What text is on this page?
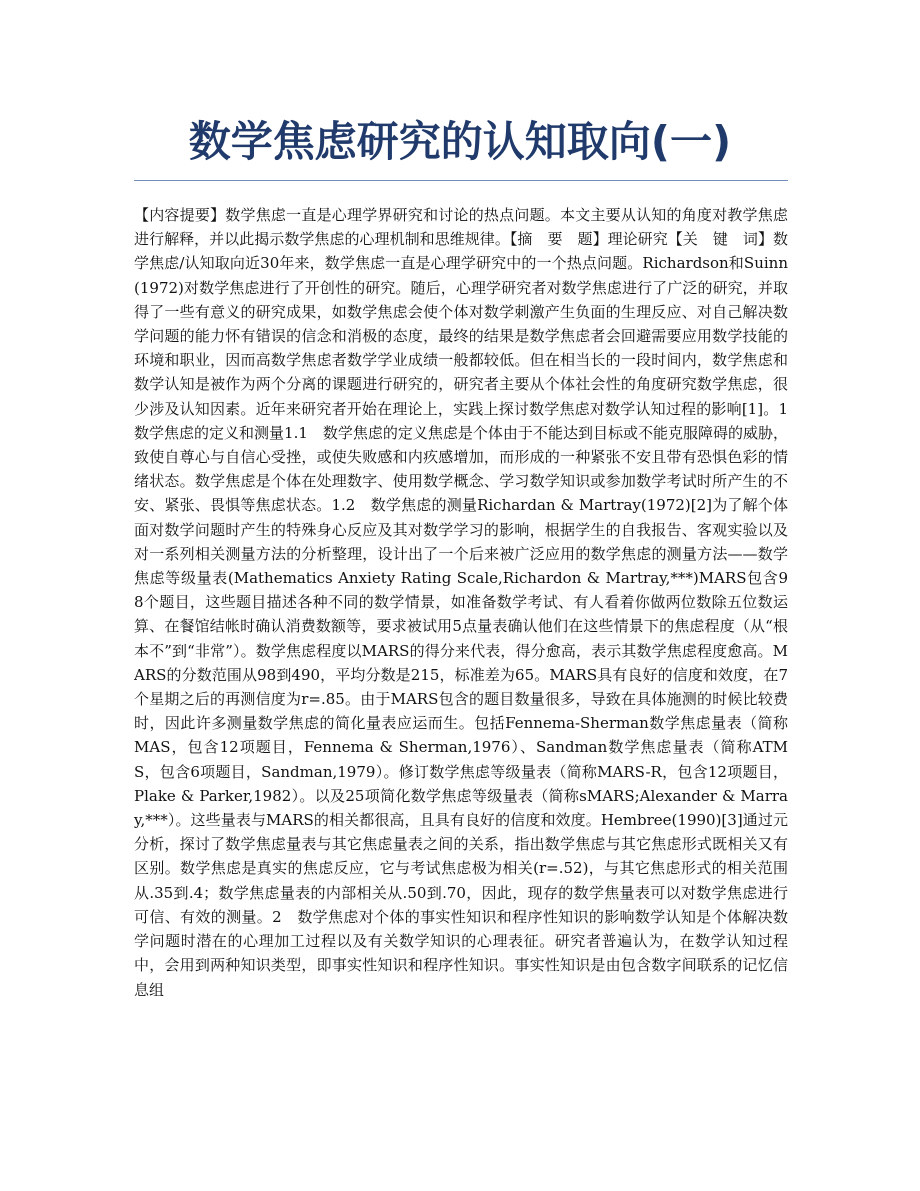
数学焦虑研究的认知取向(一)

【内容提要】数学焦虑一直是心理学界研究和讨论的热点问题。本文主要从认知的角度对教学焦虑进行解释，并以此揭示数学焦虑的心理机制和思维规律。【摘　要　题】理论研究【关　键　词】数学焦虑/认知取向近30年来，数学焦虑一直是心理学研究中的一个热点问题。Richardson和Suinn(1972)对数学焦虑进行了开创性的研究。随后，心理学研究者对数学焦虑进行了广泛的研究，并取得了一些有意义的研究成果，如数学焦虑会使个体对数学刺激产生负面的生理反应、对自己解决数学问题的能力怀有错误的信念和消极的态度，最终的结果是数学焦虑者会回避需要应用数学技能的环境和职业，因而高数学焦虑者数学学业成绩一般都较低。但在相当长的一段时间内，数学焦虑和数学认知是被作为两个分离的课题进行研究的，研究者主要从个体社会性的角度研究数学焦虑，很少涉及认知因素。近年来研究者开始在理论上，实践上探讨数学焦虑对数学认知过程的影响[1]。1　数学焦虑的定义和测量1.1　数学焦虑的定义焦虑是个体由于不能达到目标或不能克服障碍的威胁，致使自尊心与自信心受挫，或使失败感和内疚感增加，而形成的一种紧张不安且带有恐惧色彩的情绪状态。数学焦虑是个体在处理数字、使用数学概念、学习数学知识或参加数学考试时所产生的不安、紧张、畏惧等焦虑状态。1.2　数学焦虑的测量Richardan & Martray(1972)[2]为了解个体面对数学问题时产生的特殊身心反应及其对数学学习的影响，根据学生的自我报告、客观实验以及对一系列相关测量方法的分析整理，设计出了一个后来被广泛应用的数学焦虑的测量方法——数学焦虑等级量表(Mathematics Anxiety Rating Scale,Richardon & Martray,***)MARS包含98个题目，这些题目描述各种不同的数学情景，如准备数学考试、有人看着你做两位数除五位数运算、在餐馆结帐时确认消费数额等，要求被试用5点量表确认他们在这些情景下的焦虑程度（从“根本不”到“非常”）。数学焦虑程度以MARS的得分来代表，得分愈高，表示其数学焦虑程度愈高。MARS的分数范围从98到490，平均分数是215，标准差为65。MARS具有良好的信度和效度，在7个星期之后的再测信度为r=.85。由于MARS包含的题目数量很多，导致在具体施测的时候比较费时，因此许多测量数学焦虑的简化量表应运而生。包括Fennema-Sherman数学焦虑量表（简称MAS，包含12项题目，Fennema & Sherman,1976）、Sandman数学焦虑量表（简称ATMS，包含6项题目，Sandman,1979）。修订数学焦虑等级量表（简称MARS-R，包含12项题目，Plake & Parker,1982）。以及25项简化数学焦虑等级量表（简称sMARS;Alexander & Marray,***）。这些量表与MARS的相关都很高，且具有良好的信度和效度。Hembree(1990)[3]通过元分析，探讨了数学焦虑量表与其它焦虑量表之间的关系，指出数学焦虑与其它焦虑形式既相关又有区别。数学焦虑是真实的焦虑反应，它与考试焦虑极为相关(r=.52)，与其它焦虑形式的相关范围从.35到.4；数学焦虑量表的内部相关从.50到.70，因此，现存的数学焦量表可以对数学焦虑进行可信、有效的测量。2　数学焦虑对个体的事实性知识和程序性知识的影响数学认知是个体解决数学问题时潜在的心理加工过程以及有关数学知识的心理表征。研究者普遍认为，在数学认知过程中，会用到两种知识类型，即事实性知识和程序性知识。事实性知识是由包含数字间联系的记忆信息组
